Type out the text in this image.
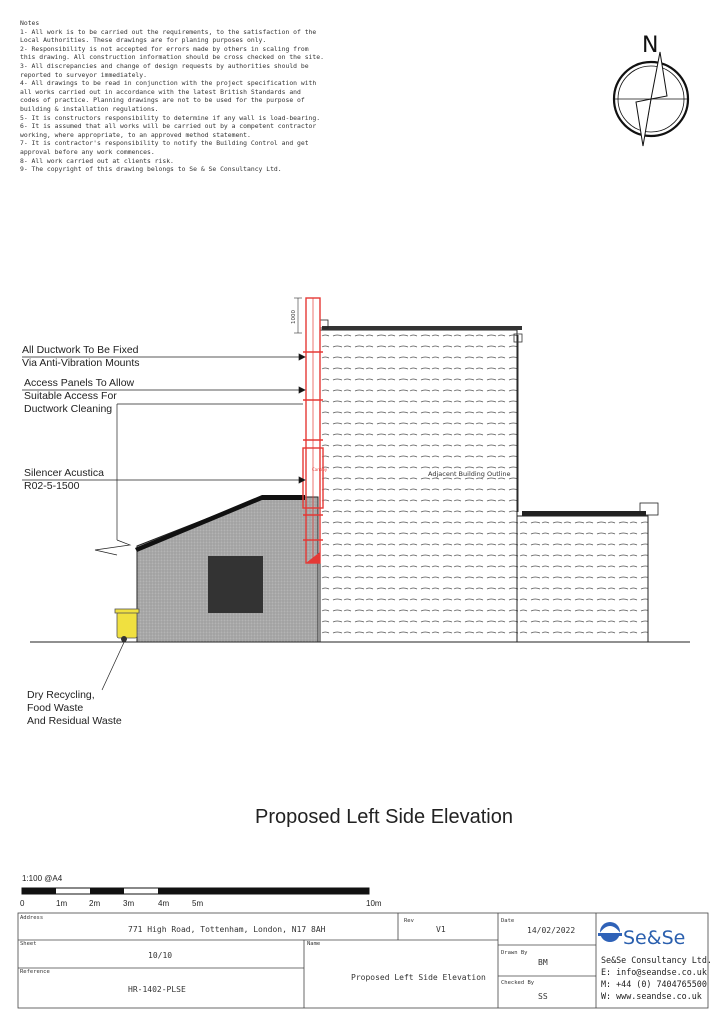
Notes
1- All work is to be carried out the requirements, to the satisfaction of the
Local Authorities. These drawings are for planing purposes only.
2- Responsibility is not accepted for errors made by others in scaling from
this drawing. All construction information should be cross checked on the site.
3- All discrepancies and change of design requests by authorities should be
reported to surveyor immediately.
4- All drawings to be read in conjunction with the project specification with
all works carried out in accordance with the latest British Standards and
codes of practice. Planning drawings are not to be used for the purpose of
building & installation regulations.
5- It is constructors responsibility to determine if any wall is load-bearing.
6- It is assumed that all works will be carried out by a competent contractor
working, where appropriate, to an approved method statement.
7- It is contractor's responsibility to notify the Building Control and get
approval before any work commences.
8- All work carried out at clients risk.
9- The copyright of this drawing belongs to Se & Se Consultancy Ltd.
N
Adjacent Building Outline
Canopy
1000
Se&Se
All Ductwork To Be Fixed
Via Anti-Vibration Mounts
Access Panels To Allow
Suitable Access For
Ductwork Cleaning
Silencer Acustica
R02-5-1500
Dry Recycling,
Food Waste
And Residual Waste
Proposed Left Side Elevation
1:100 @A4
0	1m	2m	3m	4m	5m	10m
Address
771 High Road, Tottenham, London, N17 8AH
Rev
V1
Date
14/02/2022
Sheet
10/10
Name
Proposed Left Side Elevation
Drawn By
BM
Reference
HR-1402-PLSE
Checked By
SS
Se&Se Consultancy Ltd.
E: info@seandse.co.uk
M: +44 (0) 7404765500
W: www.seandse.co.uk
